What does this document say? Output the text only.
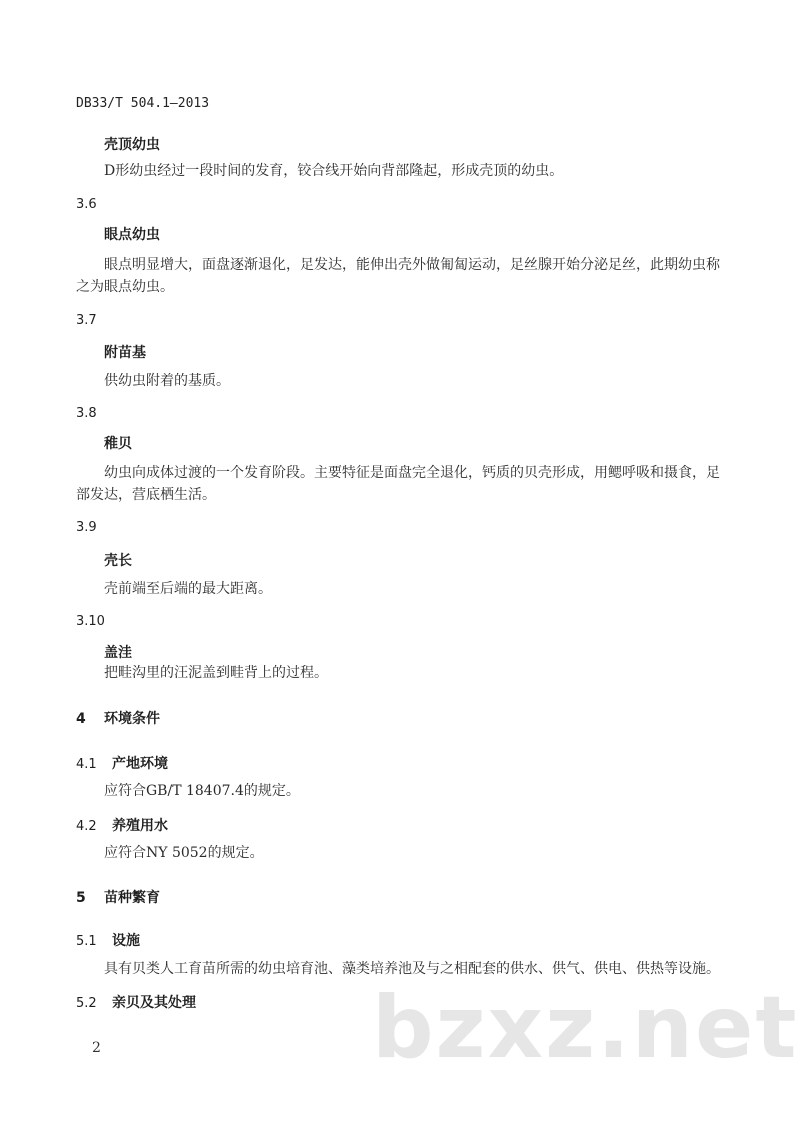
DB33/T 504.1—2013
壳顶幼虫
D形幼虫经过一段时间的发育，铰合线开始向背部隆起，形成壳顶的幼虫。
3.6
眼点幼虫
眼点明显增大，面盘逐渐退化，足发达，能伸出壳外做匍匐运动，足丝腺开始分泌足丝，此期幼虫称之为眼点幼虫。
3.7
附苗基
供幼虫附着的基质。
3.8
稚贝
幼虫向成体过渡的一个发育阶段。主要特征是面盘完全退化，钙质的贝壳形成，用鳃呼吸和摄食，足部发达，营底栖生活。
3.9
壳长
壳前端至后端的最大距离。
3.10
盖洼
把畦沟里的汪泥盖到畦背上的过程。
4 环境条件
4.1 产地环境
应符合GB/T 18407.4的规定。
4.2 养殖用水
应符合NY 5052的规定。
5 苗种繁育
5.1 设施
具有贝类人工育苗所需的幼虫培育池、藻类培养池及与之相配套的供水、供气、供电、供热等设施。
5.2 亲贝及其处理 bzxz.net
2
